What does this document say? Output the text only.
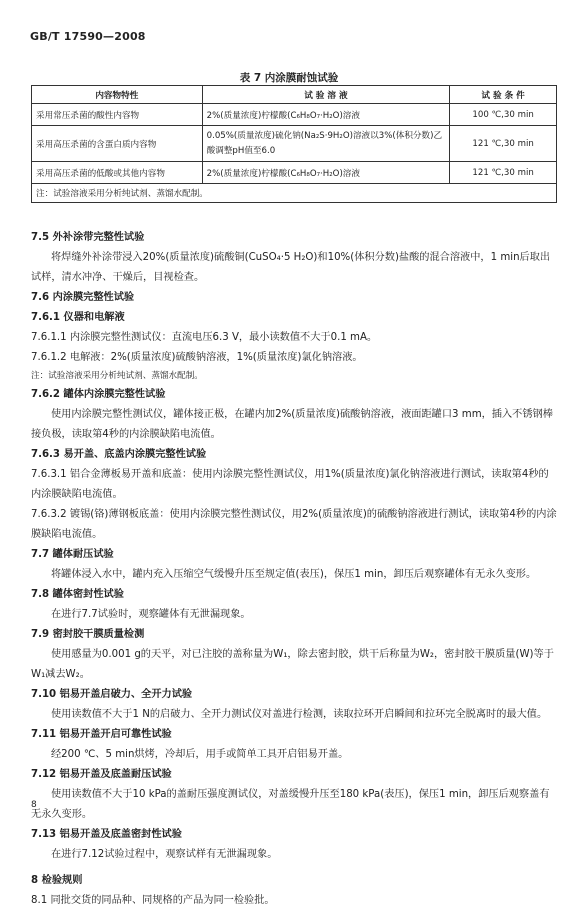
GB/T 17590—2008
表 7 内涂膜耐蚀试验
内容物特性	试 验 溶 液	试 验 条 件
采用常压杀菌的酸性内容物	2%(质量浓度)柠檬酸(C₆H₈O₇·H₂O)溶液	100 ℃,30 min
采用高压杀菌的含蛋白质内容物	0.05%(质量浓度)硫化钠(Na₂S·9H₂O)溶液以3%(体积分数)乙酸调整pH值至6.0	121 ℃,30 min
采用高压杀菌的低酸或其他内容物	2%(质量浓度)柠檬酸(C₆H₈O₇·H₂O)溶液	121 ℃,30 min
注：试验溶液采用分析纯试剂、蒸馏水配制。		
7.5 外补涂带完整性试验
将焊缝外补涂带浸入20%(质量浓度)硫酸铜(CuSO₄·5 H₂O)和10%(体积分数)盐酸的混合溶液中，1 min后取出试样，清水冲净、干燥后，目视检查。
7.6 内涂膜完整性试验
7.6.1 仪器和电解液
7.6.1.1 内涂膜完整性测试仪：直流电压6.3 V，最小读数值不大于0.1 mA。
7.6.1.2 电解液：2%(质量浓度)硫酸钠溶液，1%(质量浓度)氯化钠溶液。
注：试验溶液采用分析纯试剂、蒸馏水配制。
7.6.2 罐体内涂膜完整性试验
使用内涂膜完整性测试仪，罐体接正极，在罐内加2%(质量浓度)硫酸钠溶液，液面距罐口3 mm，插入不锈钢棒接负极，读取第4秒的内涂膜缺陷电流值。
7.6.3 易开盖、底盖内涂膜完整性试验
7.6.3.1 铝合金薄板易开盖和底盖：使用内涂膜完整性测试仪，用1%(质量浓度)氯化钠溶液进行测试，读取第4秒的内涂膜缺陷电流值。
7.6.3.2 镀锡(铬)薄钢板底盖：使用内涂膜完整性测试仪，用2%(质量浓度)的硫酸钠溶液进行测试，读取第4秒的内涂膜缺陷电流值。
7.7 罐体耐压试验
将罐体浸入水中，罐内充入压缩空气缓慢升压至规定值(表压)，保压1 min，卸压后观察罐体有无永久变形。
7.8 罐体密封性试验
在进行7.7试验时，观察罐体有无泄漏现象。
7.9 密封胶干膜质量检测
使用感量为0.001 g的天平，对已注胶的盖称量为W₁，除去密封胶，烘干后称量为W₂，密封胶干膜质量(W)等于W₁减去W₂。
7.10 铝易开盖启破力、全开力试验
使用读数值不大于1 N的启破力、全开力测试仪对盖进行检测，读取拉环开启瞬间和拉环完全脱离时的最大值。
7.11 铝易开盖开启可靠性试验
经200 ℃、5 min烘烤，冷却后，用手或简单工具开启铝易开盖。
7.12 铝易开盖及底盖耐压试验
使用读数值不大于10 kPa的盖耐压强度测试仪，对盖缓慢升压至180 kPa(表压)，保压1 min，卸压后观察盖有无永久变形。
7.13 铝易开盖及底盖密封性试验
在进行7.12试验过程中，观察试样有无泄漏现象。
8 检验规则
8.1 同批交货的同品种、同规格的产品为同一检验批。
8
